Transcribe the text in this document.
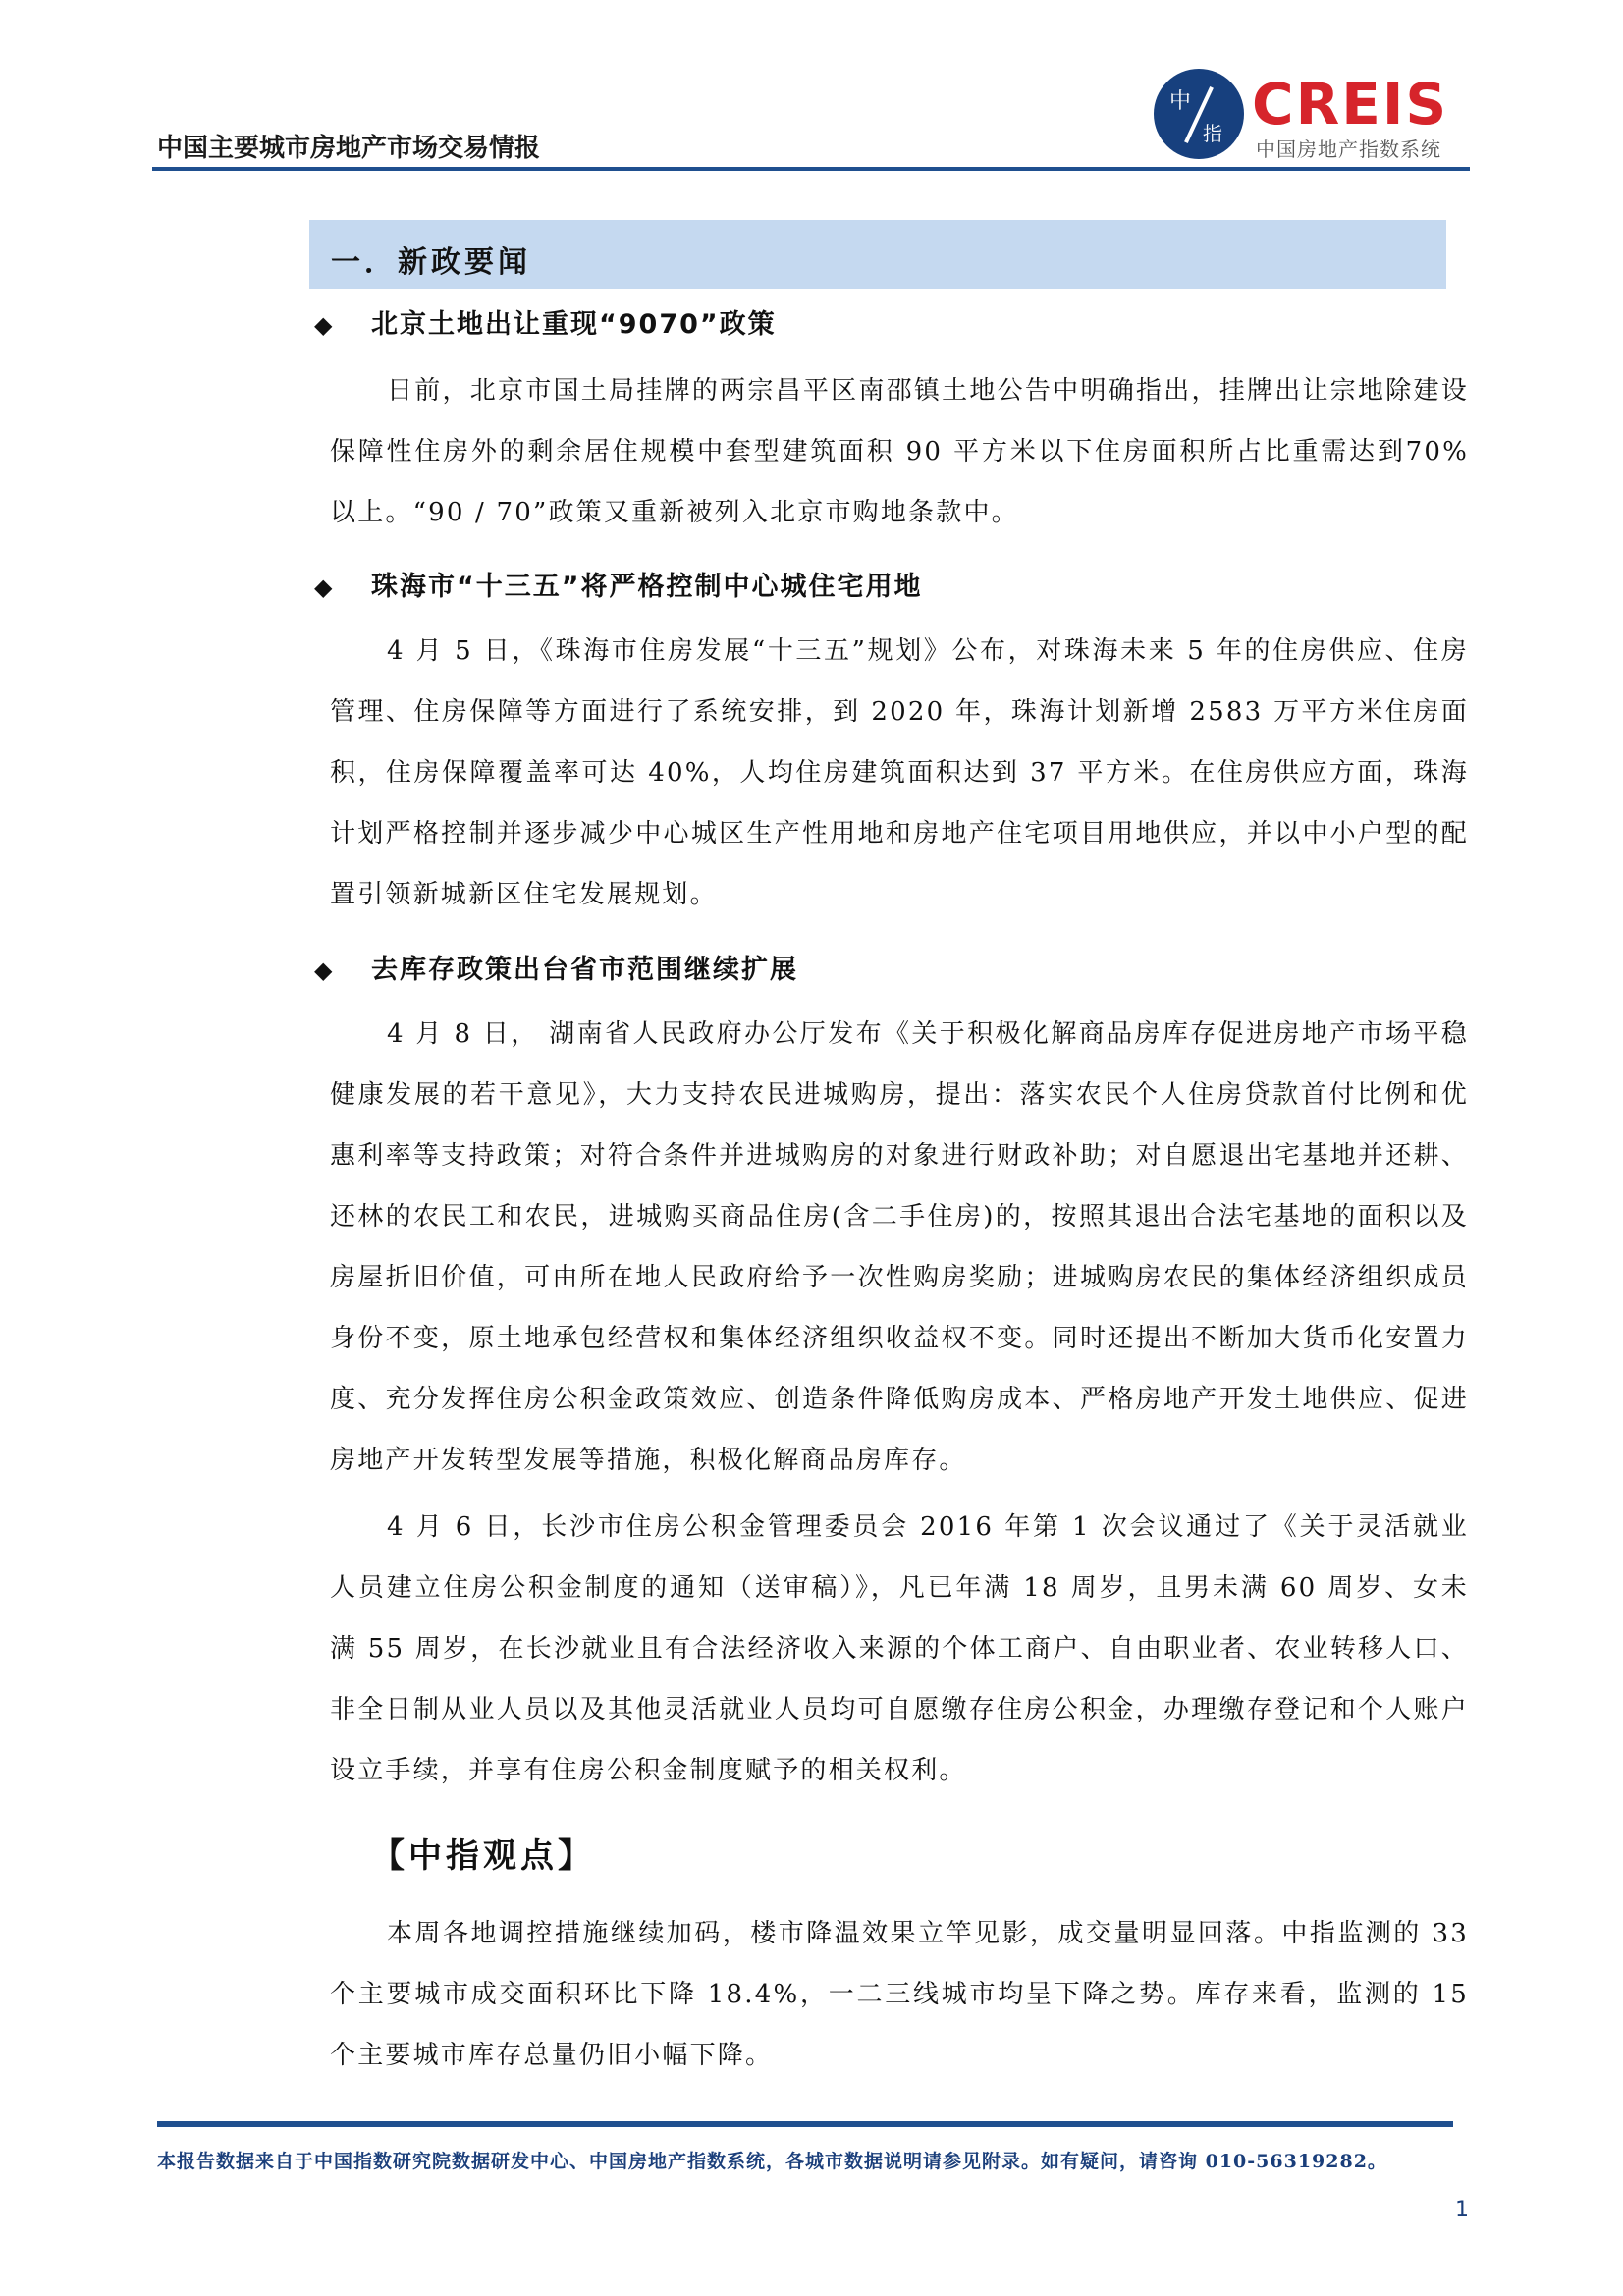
中国主要城市房地产市场交易情报
中
指 CREIS
中国房地产指数系统
一．新政要闻
◆ 北京土地出让重现“9070”政策

日前，北京市国土局挂牌的两宗昌平区南邵镇土地公告中明确指出，挂牌出让宗地除建设保障性住房外的剩余居住规模中套型建筑面积 90 平方米以下住房面积所占比重需达到70%以上。“90 / 70”政策又重新被列入北京市购地条款中。

◆ 珠海市“十三五”将严格控制中心城住宅用地

4 月 5 日，《珠海市住房发展“十三五”规划》公布，对珠海未来 5 年的住房供应、住房管理、住房保障等方面进行了系统安排，到 2020 年，珠海计划新增 2583 万平方米住房面积，住房保障覆盖率可达 40%，人均住房建筑面积达到 37 平方米。在住房供应方面，珠海计划严格控制并逐步减少中心城区生产性用地和房地产住宅项目用地供应，并以中小户型的配置引领新城新区住宅发展规划。

◆ 去库存政策出台省市范围继续扩展

4 月 8 日， 湖南省人民政府办公厅发布《关于积极化解商品房库存促进房地产市场平稳健康发展的若干意见》，大力支持农民进城购房，提出：落实农民个人住房贷款首付比例和优惠利率等支持政策；对符合条件并进城购房的对象进行财政补助；对自愿退出宅基地并还耕、还林的农民工和农民，进城购买商品住房(含二手住房)的，按照其退出合法宅基地的面积以及房屋折旧价值，可由所在地人民政府给予一次性购房奖励；进城购房农民的集体经济组织成员身份不变，原土地承包经营权和集体经济组织收益权不变。同时还提出不断加大货币化安置力度、充分发挥住房公积金政策效应、创造条件降低购房成本、严格房地产开发土地供应、促进房地产开发转型发展等措施，积极化解商品房库存。

4 月 6 日，长沙市住房公积金管理委员会 2016 年第 1 次会议通过了《关于灵活就业人员建立住房公积金制度的通知（送审稿）》，凡已年满 18 周岁，且男未满 60 周岁、女未满 55 周岁，在长沙就业且有合法经济收入来源的个体工商户、自由职业者、农业转移人口、非全日制从业人员以及其他灵活就业人员均可自愿缴存住房公积金，办理缴存登记和个人账户设立手续，并享有住房公积金制度赋予的相关权利。

【中指观点】

本周各地调控措施继续加码，楼市降温效果立竿见影，成交量明显回落。中指监测的 33 个主要城市成交面积环比下降 18.4%，一二三线城市均呈下降之势。库存来看，监测的 15 个主要城市库存总量仍旧小幅下降。

本报告数据来自于中国指数研究院数据研发中心、中国房地产指数系统，各城市数据说明请参见附录。如有疑问，请咨询 010-56319282。
1
